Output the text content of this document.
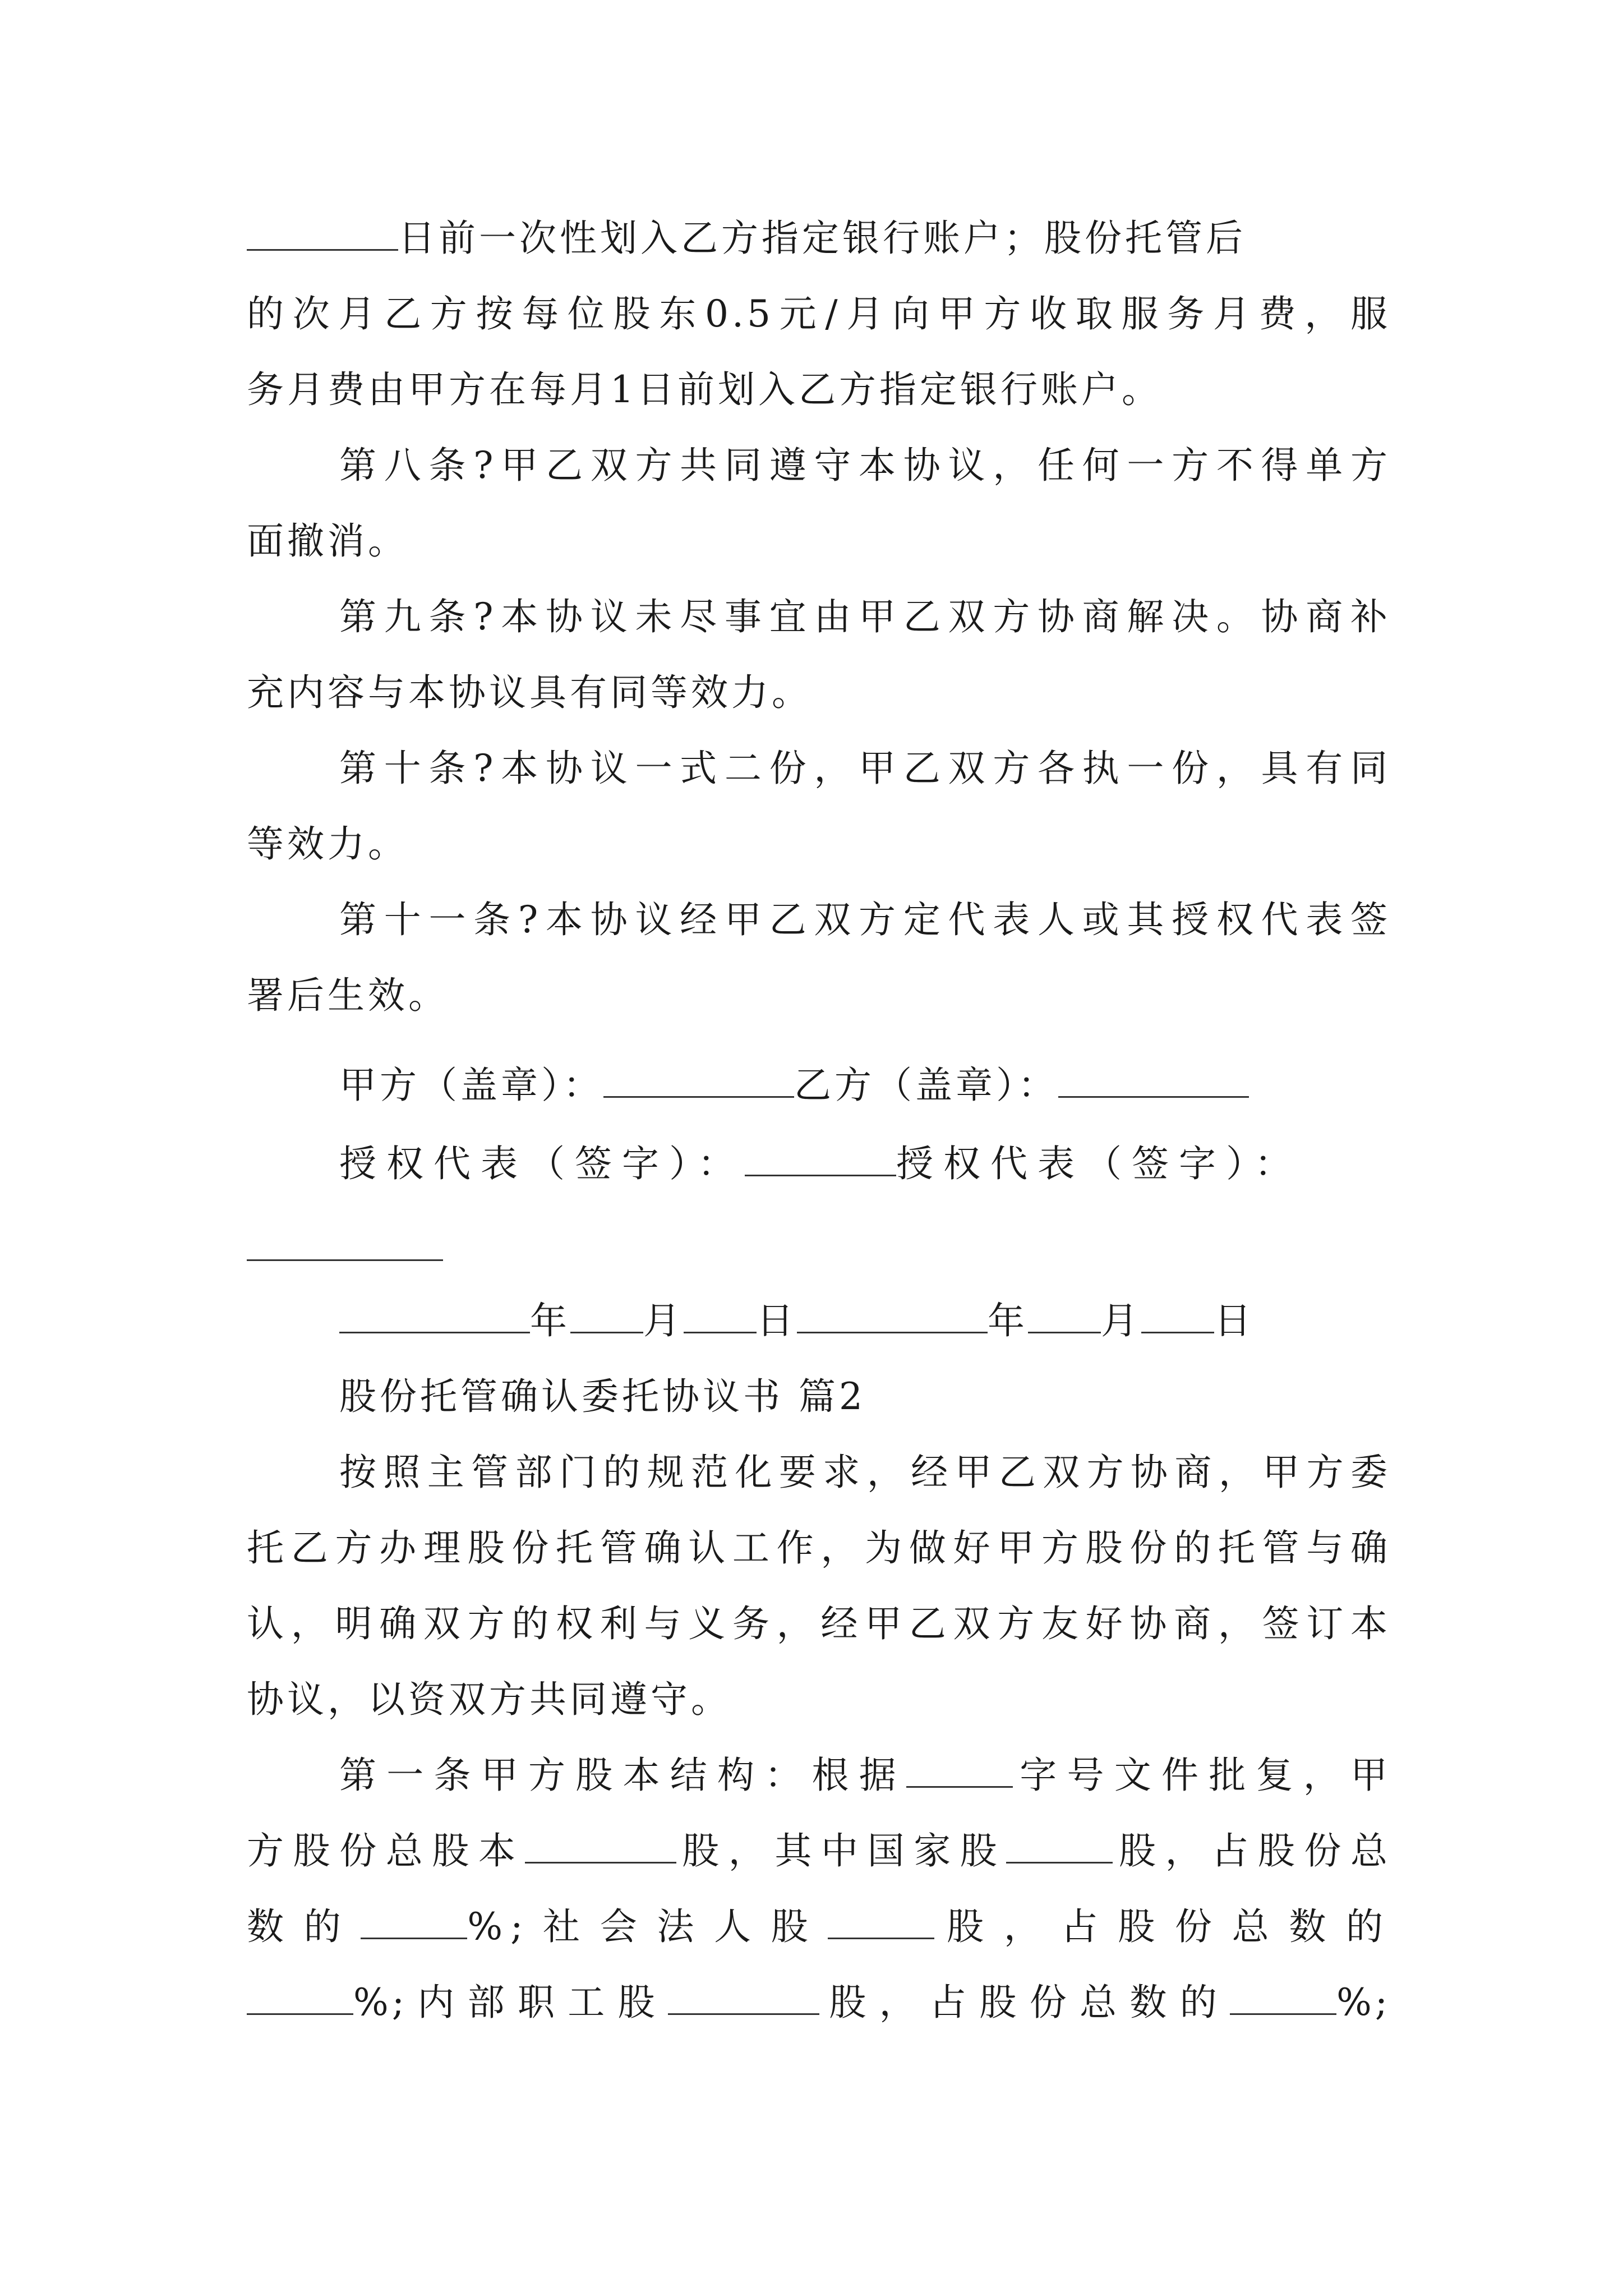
日前一次性划入乙方指定银行账户；股份托管后
的次月乙方按每位股东0.5元/月向甲方收取服务月费，服
务月费由甲方在每月1日前划入乙方指定银行账户。
第八条?甲乙双方共同遵守本协议，任何一方不得单方
面撤消。
第九条?本协议未尽事宜由甲乙双方协商解决。协商补
充内容与本协议具有同等效力。
第十条?本协议一式二份，甲乙双方各执一份，具有同
等效力。
第十一条?本协议经甲乙双方定代表人或其授权代表签
署后生效。
甲方（盖章）：	乙方（盖章）：
授权代表（签字）：	授权代表（签字）：
年 月 日	年 月 日
股份托管确认委托协议书 篇2
按照主管部门的规范化要求，经甲乙双方协商，甲方委
托乙方办理股份托管确认工作，为做好甲方股份的托管与确
认，明确双方的权利与义务，经甲乙双方友好协商，签订本
协议，以资双方共同遵守。
第一条甲方股本结构：根据	字号文件批复，甲
方股份总股本	股，其中国家股	股，占股份总
数的	%;社会法人股	股，占股份总数的
%;内部职工股	股，占股份总数的	%;
